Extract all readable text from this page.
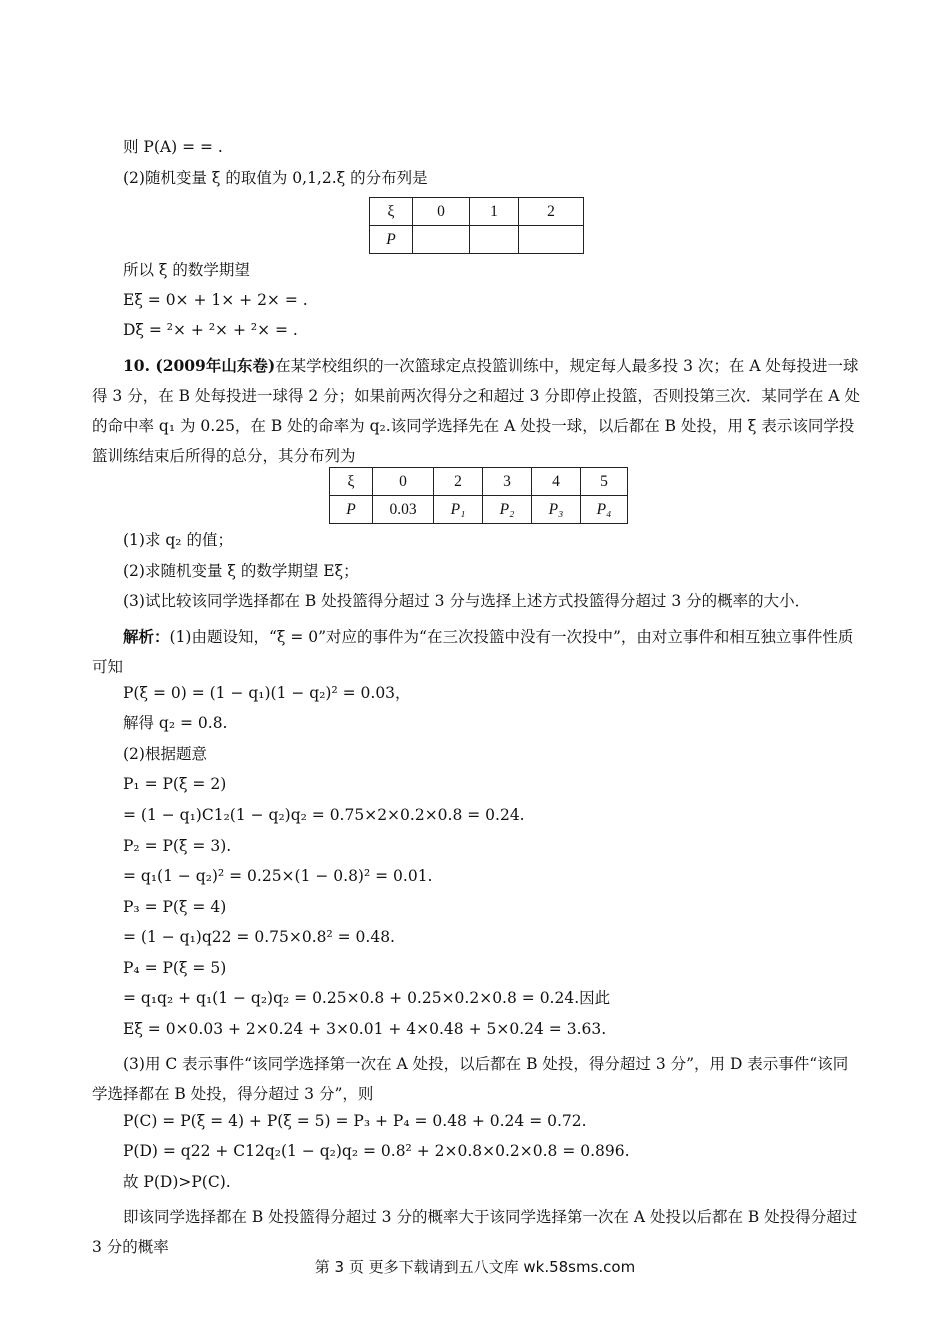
则 P(A) = = .
(2)随机变量 ξ 的取值为 0,1,2.ξ 的分布列是
ξ	0	1	2
P			
所以 ξ 的数学期望
Eξ = 0× + 1× + 2× = .
Dξ = ²× + ²× + ²× = .
10. (2009年山东卷)在某学校组织的一次篮球定点投篮训练中，规定每人最多投 3 次；在 A 处每投进一球得 3 分，在 B 处每投进一球得 2 分；如果前两次得分之和超过 3 分即停止投篮，否则投第三次．某同学在 A 处的命中率 q₁ 为 0.25，在 B 处的命率为 q₂.该同学选择先在 A 处投一球，以后都在 B 处投，用 ξ 表示该同学投篮训练结束后所得的总分，其分布列为
ξ	0	2	3	4	5
P	0.03	P₁	P₂	P₃	P₄
(1)求 q₂ 的值；
(2)求随机变量 ξ 的数学期望 Eξ；
(3)试比较该同学选择都在 B 处投篮得分超过 3 分与选择上述方式投篮得分超过 3 分的概率的大小．
解析：(1)由题设知，“ξ = 0”对应的事件为“在三次投篮中没有一次投中”，由对立事件和相互独立事件性质可知
P(ξ = 0) = (1 − q₁)(1 − q₂)² = 0.03，
解得 q₂ = 0.8.
(2)根据题意
P₁ = P(ξ = 2)
= (1 − q₁)C1₂(1 − q₂)q₂ = 0.75×2×0.2×0.8 = 0.24.
P₂ = P(ξ = 3).
= q₁(1 − q₂)² = 0.25×(1 − 0.8)² = 0.01.
P₃ = P(ξ = 4)
= (1 − q₁)q22 = 0.75×0.8² = 0.48.
P₄ = P(ξ = 5)
= q₁q₂ + q₁(1 − q₂)q₂ = 0.25×0.8 + 0.25×0.2×0.8 = 0.24.因此
Eξ = 0×0.03 + 2×0.24 + 3×0.01 + 4×0.48 + 5×0.24 = 3.63.
(3)用 C 表示事件“该同学选择第一次在 A 处投，以后都在 B 处投，得分超过 3 分”，用 D 表示事件“该同学选择都在 B 处投，得分超过 3 分”，则
P(C) = P(ξ = 4) + P(ξ = 5) = P₃ + P₄ = 0.48 + 0.24 = 0.72.
P(D) = q22 + C12q₂(1 − q₂)q₂ = 0.8² + 2×0.8×0.2×0.8 = 0.896.
故 P(D)>P(C).
即该同学选择都在 B 处投篮得分超过 3 分的概率大于该同学选择第一次在 A 处投以后都在 B 处投得分超过 3 分的概率
第 3 页 更多下载请到五八文库 wk.58sms.com
